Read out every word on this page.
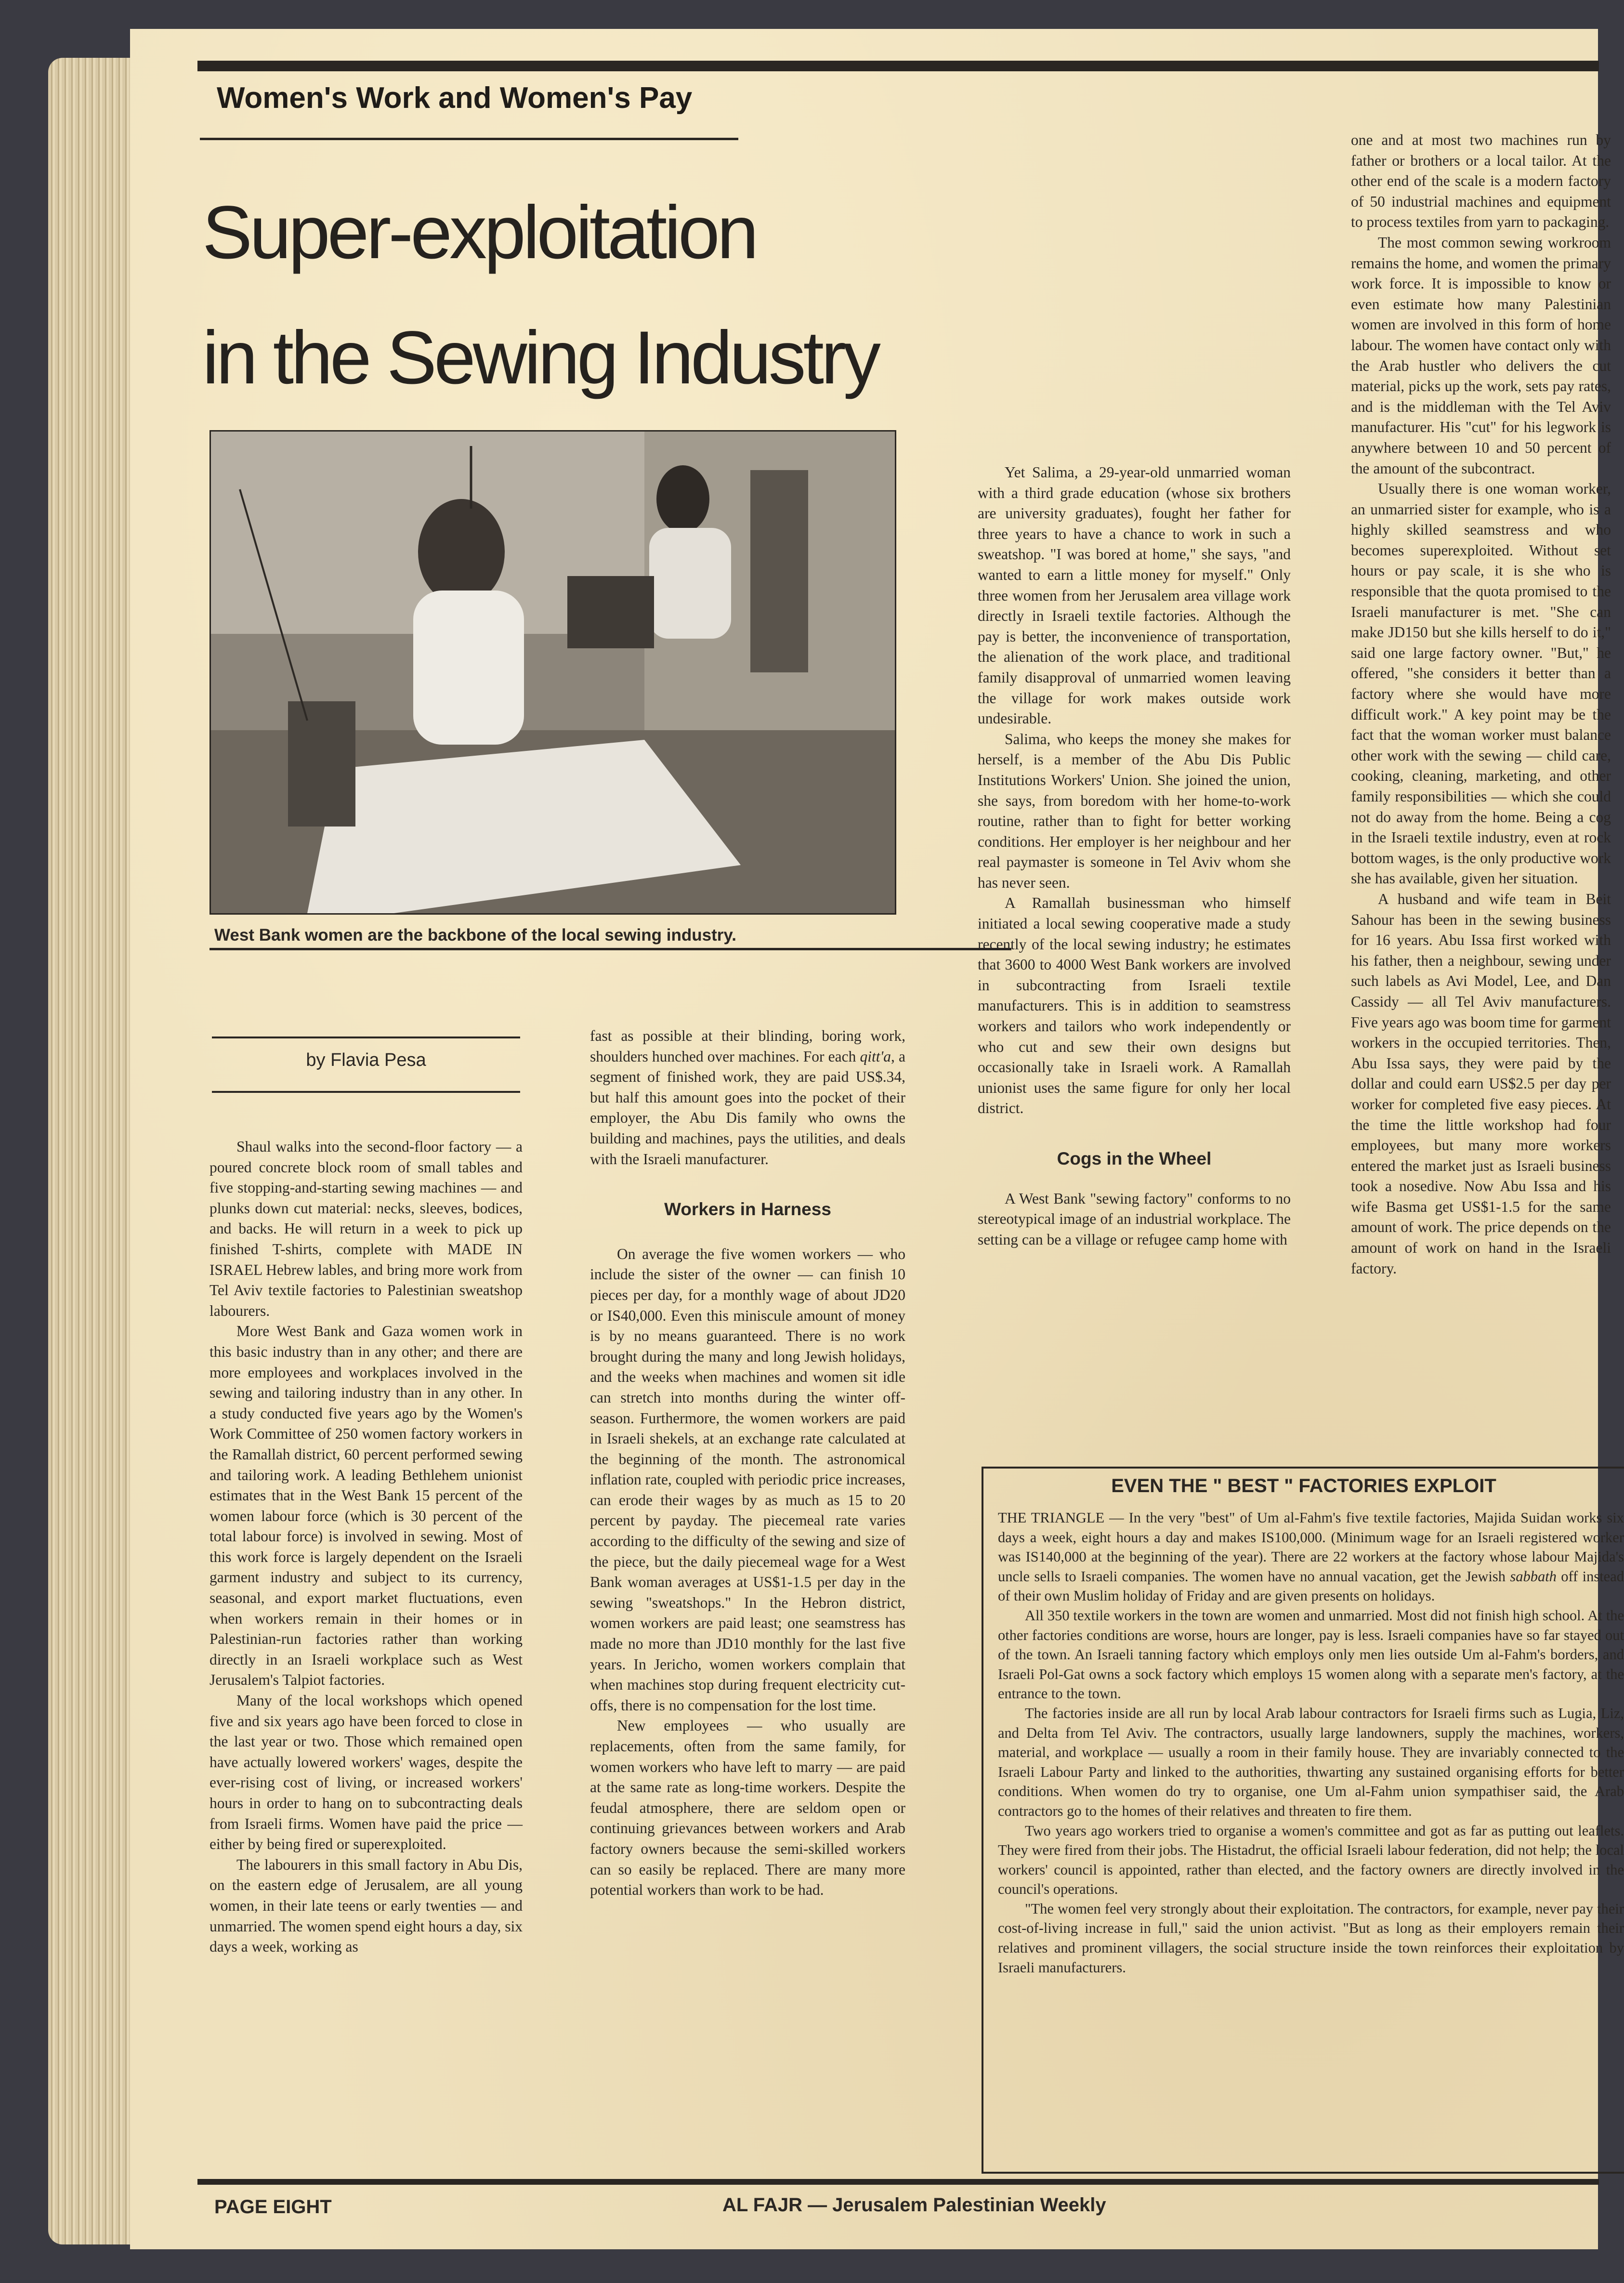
Women's Work and Women's Pay
Super-exploitation
in the Sewing Industry
West Bank women are the backbone of the local sewing industry.
by Flavia Pesa

Shaul walks into the second-floor factory — a poured concrete block room of small tables and five stopping-and-starting sewing machines — and plunks down cut material: necks, sleeves, bodices, and backs. He will return in a week to pick up finished T-shirts, complete with MADE IN ISRAEL Hebrew lables, and bring more work from Tel Aviv textile factories to Palestinian sweatshop labourers.

More West Bank and Gaza women work in this basic industry than in any other; and there are more employees and workplaces involved in the sewing and tailoring industry than in any other. In a study conducted five years ago by the Women's Work Committee of 250 women factory workers in the Ramallah district, 60 percent performed sewing and tailoring work. A leading Bethlehem unionist estimates that in the West Bank 15 percent of the women labour force (which is 30 percent of the total labour force) is involved in sewing. Most of this work force is largely dependent on the Israeli garment industry and subject to its currency, seasonal, and export market fluctuations, even when workers remain in their homes or in Palestinian-run factories rather than working directly in an Israeli workplace such as West Jerusalem's Talpiot factories.

Many of the local workshops which opened five and six years ago have been forced to close in the last year or two. Those which remained open have actually lowered workers' wages, despite the ever-rising cost of living, or increased workers' hours in order to hang on to subcontracting deals from Israeli firms. Women have paid the price — either by being fired or superexploited.

The labourers in this small factory in Abu Dis, on the eastern edge of Jerusalem, are all young women, in their late teens or early twenties — and unmarried. The women spend eight hours a day, six days a week, working as

fast as possible at their blinding, boring work, shoulders hunched over machines. For each qitt'a, a segment of finished work, they are paid US$.34, but half this amount goes into the pocket of their employer, the Abu Dis family who owns the building and machines, pays the utilities, and deals with the Israeli manufacturer.

Workers in Harness

On average the five women workers — who include the sister of the owner — can finish 10 pieces per day, for a monthly wage of about JD20 or IS40,000. Even this miniscule amount of money is by no means guaranteed. There is no work brought during the many and long Jewish holidays, and the weeks when machines and women sit idle can stretch into months during the winter off-season. Furthermore, the women workers are paid in Israeli shekels, at an exchange rate calculated at the beginning of the month. The astronomical inflation rate, coupled with periodic price increases, can erode their wages by as much as 15 to 20 percent by payday. The piecemeal rate varies according to the difficulty of the sewing and size of the piece, but the daily piecemeal wage for a West Bank woman averages at US$1-1.5 per day in the sewing "sweatshops." In the Hebron district, women workers are paid least; one seamstress has made no more than JD10 monthly for the last five years. In Jericho, women workers complain that when machines stop during frequent electricity cut-offs, there is no compensation for the lost time.

New employees — who usually are replacements, often from the same family, for women workers who have left to marry — are paid at the same rate as long-time workers. Despite the feudal atmosphere, there are seldom open or continuing grievances between workers and Arab factory owners because the semi-skilled workers can so easily be replaced. There are many more potential workers than work to be had.

Yet Salima, a 29-year-old unmarried woman with a third grade education (whose six brothers are university graduates), fought her father for three years to have a chance to work in such a sweatshop. "I was bored at home," she says, "and wanted to earn a little money for myself." Only three women from her Jerusalem area village work directly in Israeli textile factories. Although the pay is better, the inconvenience of transportation, the alienation of the work place, and traditional family disapproval of unmarried women leaving the village for work makes outside work undesirable.

Salima, who keeps the money she makes for herself, is a member of the Abu Dis Public Institutions Workers' Union. She joined the union, she says, from boredom with her home-to-work routine, rather than to fight for better working conditions. Her employer is her neighbour and her real paymaster is someone in Tel Aviv whom she has never seen.

A Ramallah businessman who himself initiated a local sewing cooperative made a study recently of the local sewing industry; he estimates that 3600 to 4000 West Bank workers are involved in subcontracting from Israeli textile manufacturers. This is in addition to seamstress workers and tailors who work independently or who cut and sew their own designs but occasionally take in Israeli work. A Ramallah unionist uses the same figure for only her local district.

Cogs in the Wheel

A West Bank "sewing factory" conforms to no stereotypical image of an industrial workplace. The setting can be a village or refugee camp home with

one and at most two machines run by father or brothers or a local tailor. At the other end of the scale is a modern factory of 50 industrial machines and equipment to process textiles from yarn to packaging.

The most common sewing workroom remains the home, and women the primary work force. It is impossible to know or even estimate how many Palestinian women are involved in this form of home labour. The women have contact only with the Arab hustler who delivers the cut material, picks up the work, sets pay rates, and is the middleman with the Tel Aviv manufacturer. His "cut" for his legwork is anywhere between 10 and 50 percent of the amount of the subcontract.

Usually there is one woman worker, an unmarried sister for example, who is a highly skilled seamstress and who becomes superexploited. Without set hours or pay scale, it is she who is responsible that the quota promised to the Israeli manufacturer is met. "She can make JD150 but she kills herself to do it," said one large factory owner. "But," he offered, "she considers it better than a factory where she would have more difficult work." A key point may be the fact that the woman worker must balance other work with the sewing — child care, cooking, cleaning, marketing, and other family responsibilities — which she could not do away from the home. Being a cog in the Israeli textile industry, even at rock bottom wages, is the only productive work she has available, given her situation.

A husband and wife team in Beit Sahour has been in the sewing business for 16 years. Abu Issa first worked with his father, then a neighbour, sewing under such labels as Avi Model, Lee, and Dan Cassidy — all Tel Aviv manufacturers. Five years ago was boom time for garment workers in the occupied territories. Then, Abu Issa says, they were paid by the dollar and could earn US$2.5 per day per worker for completed five easy pieces. At the time the little workshop had four employees, but many more workers entered the market just as Israeli business took a nosedive. Now Abu Issa and his wife Basma get US$1-1.5 for the same amount of work. The price depends on the amount of work on hand in the Israeli factory.

EVEN THE " BEST " FACTORIES EXPLOIT

THE TRIANGLE — In the very "best" of Um al-Fahm's five textile factories, Majida Suidan works six days a week, eight hours a day and makes IS100,000. (Minimum wage for an Israeli registered worker was IS140,000 at the beginning of the year). There are 22 workers at the factory whose labour Majida's uncle sells to Israeli companies. The women have no annual vacation, get the Jewish sabbath off instead of their own Muslim holiday of Friday and are given presents on holidays.

All 350 textile workers in the town are women and unmarried. Most did not finish high school. At the other factories conditions are worse, hours are longer, pay is less. Israeli companies have so far stayed out of the town. An Israeli tanning factory which employs only men lies outside Um al-Fahm's borders, and Israeli Pol-Gat owns a sock factory which employs 15 women along with a separate men's factory, at the entrance to the town.

The factories inside are all run by local Arab labour contractors for Israeli firms such as Lugia, Liz, and Delta from Tel Aviv. The contractors, usually large landowners, supply the machines, workers, material, and workplace — usually a room in their family house. They are invariably connected to the Israeli Labour Party and linked to the authorities, thwarting any sustained organising efforts for better conditions. When women do try to organise, one Um al-Fahm union sympathiser said, the Arab contractors go to the homes of their relatives and threaten to fire them.

Two years ago workers tried to organise a women's committee and got as far as putting out leaflets. They were fired from their jobs. The Histadrut, the official Israeli labour federation, did not help; the local workers' council is appointed, rather than elected, and the factory owners are directly involved in the council's operations.

"The women feel very strongly about their exploitation. The contractors, for example, never pay their cost-of-living increase in full," said the union activist. "But as long as their employers remain their relatives and prominent villagers, the social structure inside the town reinforces their exploitation by Israeli manufacturers.

PAGE EIGHT	AL FAJR — Jerusalem Palestinian Weekly
